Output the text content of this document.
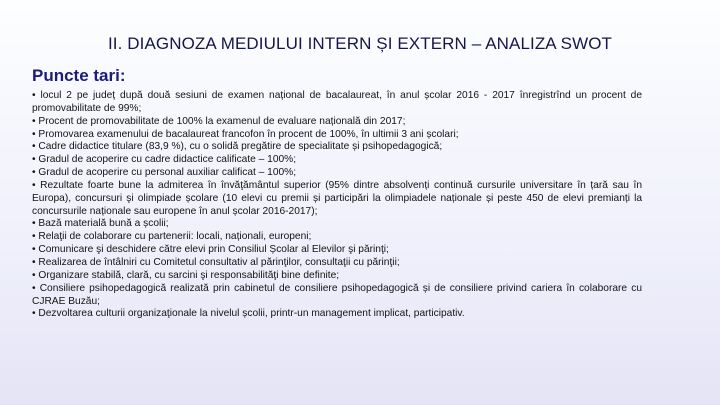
II. DIAGNOZA MEDIULUI INTERN ȘI EXTERN – ANALIZA SWOT
Puncte tari:
• locul 2 pe județ după două sesiuni de examen național de bacalaureat, în anul școlar 2016 - 2017 înregistrînd un procent de promovabilitate de 99%;
• Procent de promovabilitate de 100% la examenul de evaluare națională din 2017;
• Promovarea examenului de bacalaureat francofon în procent de 100%, în ultimii 3 ani școlari;
• Cadre didactice titulare (83,9 %), cu o solidă pregătire de specialitate și psihopedagogică;
• Gradul de acoperire cu cadre didactice calificate – 100%;
• Gradul de acoperire cu personal auxiliar calificat – 100%;
• Rezultate foarte bune la admiterea în învăţământul superior (95% dintre absolvenți continuă cursurile universitare în țară sau în Europa), concursuri şi olimpiade școlare (10 elevi cu premii și participări la olimpiadele naționale și peste 450 de elevi premianți la concursurile naționale sau europene în anul școlar 2016-2017);
• Bază materială bună a școlii;
• Relaţii de colaborare cu partenerii: locali, naționali, europeni;
• Comunicare şi deschidere către elevi prin Consiliul Școlar al Elevilor şi părinţi;
• Realizarea de întâlniri cu Comitetul consultativ al părinţilor, consultaţii cu părinţii;
• Organizare stabilă, clară, cu sarcini şi responsabilităţi bine definite;
• Consiliere psihopedagogică realizată prin cabinetul de consiliere psihopedagogică și de consiliere privind cariera în colaborare cu CJRAE Buzău;
• Dezvoltarea culturii organizaţionale la nivelul școlii, printr-un management implicat, participativ.
